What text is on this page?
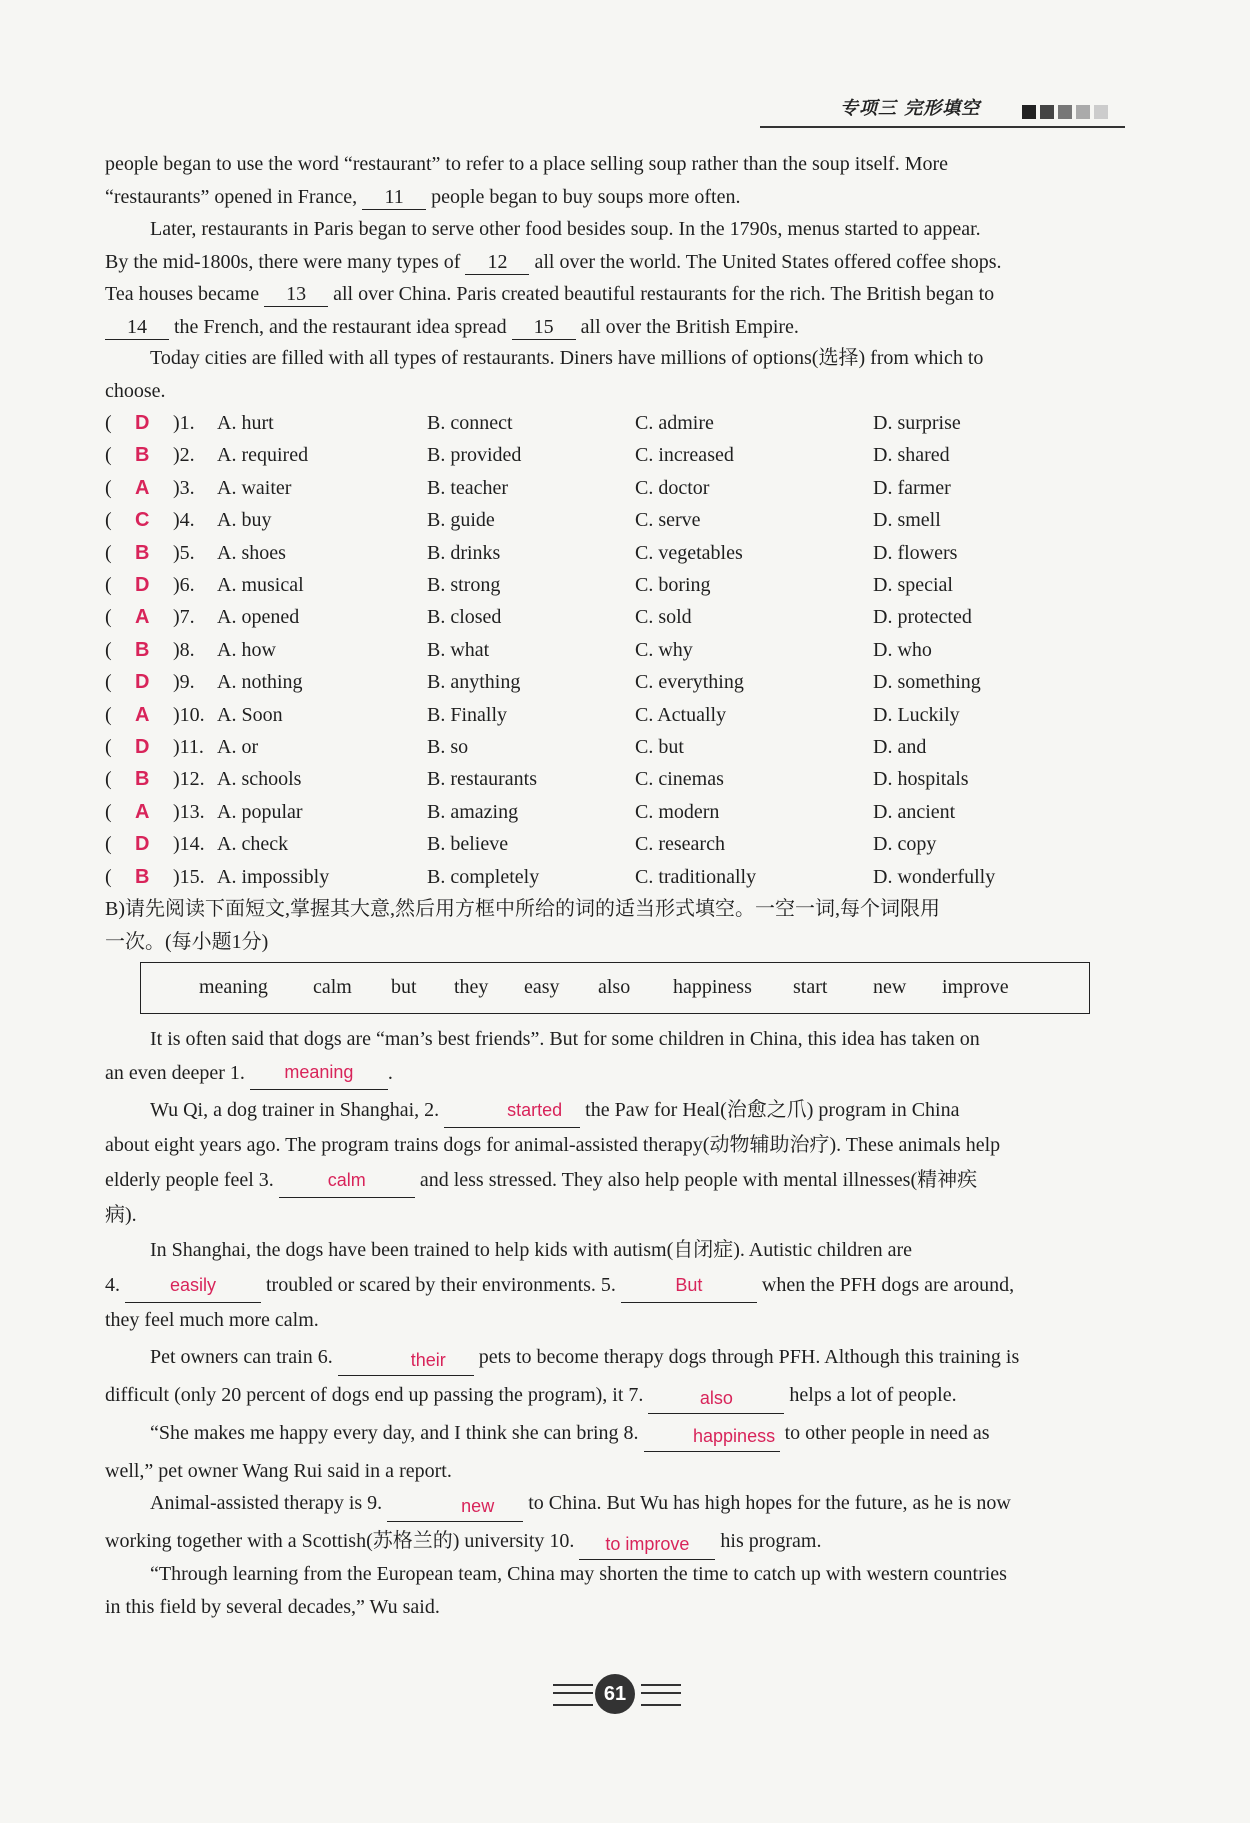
专项三 完形填空
people began to use the word “restaurant” to refer to a place selling soup rather than the soup itself. More
“restaurants” opened in France, 11 people began to buy soups more often.
Later, restaurants in Paris began to serve other food besides soup. In the 1790s, menus started to appear.
By the mid-1800s, there were many types of 12 all over the world. The United States offered coffee shops.
Tea houses became 13 all over China. Paris created beautiful restaurants for the rich. The British began to
14 the French, and the restaurant idea spread 15 all over the British Empire.
Today cities are filled with all types of restaurants. Diners have millions of options(选择) from which to
choose.
( D )1. A. hurt	B. connect	C. admire	D. surprise
( B )2. A. required	B. provided	C. increased	D. shared
( A )3. A. waiter	B. teacher	C. doctor	D. farmer
( C )4. A. buy	B. guide	C. serve	D. smell
( B )5. A. shoes	B. drinks	C. vegetables	D. flowers
( D )6. A. musical	B. strong	C. boring	D. special
( A )7. A. opened	B. closed	C. sold	D. protected
( B )8. A. how	B. what	C. why	D. who
( D )9. A. nothing	B. anything	C. everything	D. something
( A )10. A. Soon	B. Finally	C. Actually	D. Luckily
( D )11. A. or	B. so	C. but	D. and
( B )12. A. schools	B. restaurants	C. cinemas	D. hospitals
( A )13. A. popular	B. amazing	C. modern	D. ancient
( D )14. A. check	B. believe	C. research	D. copy
( B )15. A. impossibly	B. completely	C. traditionally	D. wonderfully
B)请先阅读下面短文,掌握其大意,然后用方框中所给的词的适当形式填空。一空一词,每个词限用
一次。(每小题1分)
meaning calm but they easy also happiness start new improve
It is often said that dogs are “man’s best friends”. But for some children in China, this idea has taken on
an even deeper 1.	meaning	.
Wu Qi, a dog trainer in Shanghai, 2.	started	the Paw for Heal(治愈之爪) program in China
about eight years ago. The program trains dogs for animal-assisted therapy(动物辅助治疗). These animals help
elderly people feel 3.	calm	and less stressed. They also help people with mental illnesses(精神疾
病).
In Shanghai, the dogs have been trained to help kids with autism(自闭症). Autistic children are
4.	easily	troubled or scared by their environments. 5.	But	when the PFH dogs are around,
they feel much more calm.
Pet owners can train 6.	their	pets to become therapy dogs through PFH. Although this training is
difficult (only 20 percent of dogs end up passing the program), it 7.	also	helps a lot of people.
“She makes me happy every day, and I think she can bring 8.	happiness to other people in need as
well,” pet owner Wang Rui said in a report.
Animal-assisted therapy is 9.	new	to China. But Wu has high hopes for the future, as he is now
working together with a Scottish(苏格兰的) university 10.	to improve	his program.
“Through learning from the European team, China may shorten the time to catch up with western countries
in this field by several decades,” Wu said.
61
